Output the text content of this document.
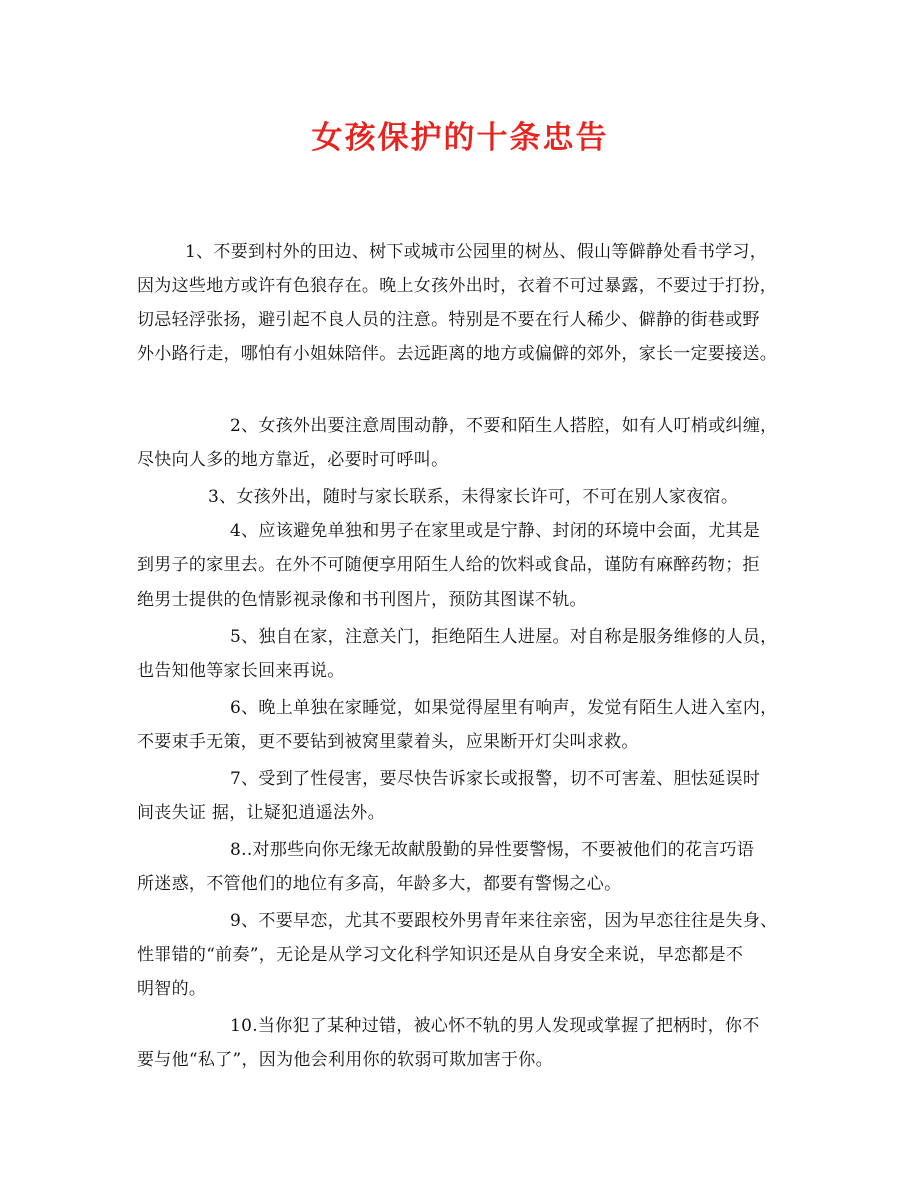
女孩保护的十条忠告
1、不要到村外的田边、树下或城市公园里的树丛、假山等僻静处看书学习，
因为这些地方或许有色狼存在。晚上女孩外出时，衣着不可过暴露，不要过于打扮，
切忌轻浮张扬，避引起不良人员的注意。特别是不要在行人稀少、僻静的街巷或野
外小路行走，哪怕有小姐妹陪伴。去远距离的地方或偏僻的郊外，家长一定要接送。
2、女孩外出要注意周围动静，不要和陌生人搭腔，如有人叮梢或纠缠，
尽快向人多的地方靠近，必要时可呼叫。
3、女孩外出，随时与家长联系，未得家长许可，不可在别人家夜宿。
4、应该避免单独和男子在家里或是宁静、封闭的环境中会面，尤其是
到男子的家里去。在外不可随便享用陌生人给的饮料或食品，谨防有麻醉药物；拒
绝男士提供的色情影视录像和书刊图片，预防其图谋不轨。
5、独自在家，注意关门，拒绝陌生人进屋。对自称是服务维修的人员，
也告知他等家长回来再说。
6、晚上单独在家睡觉，如果觉得屋里有响声，发觉有陌生人进入室内，
不要束手无策，更不要钻到被窝里蒙着头，应果断开灯尖叫求救。
7、受到了性侵害，要尽快告诉家长或报警，切不可害羞、胆怯延误时
间丧失证 据，让疑犯逍遥法外。
8..对那些向你无缘无故献殷勤的异性要警惕，不要被他们的花言巧语
所迷惑，不管他们的地位有多高，年龄多大，都要有警惕之心。
9、不要早恋，尤其不要跟校外男青年来往亲密，因为早恋往往是失身、
性罪错的“前奏”，无论是从学习文化科学知识还是从自身安全来说，早恋都是不
明智的。
10.当你犯了某种过错，被心怀不轨的男人发现或掌握了把柄时，你不
要与他“私了”，因为他会利用你的软弱可欺加害于你。
